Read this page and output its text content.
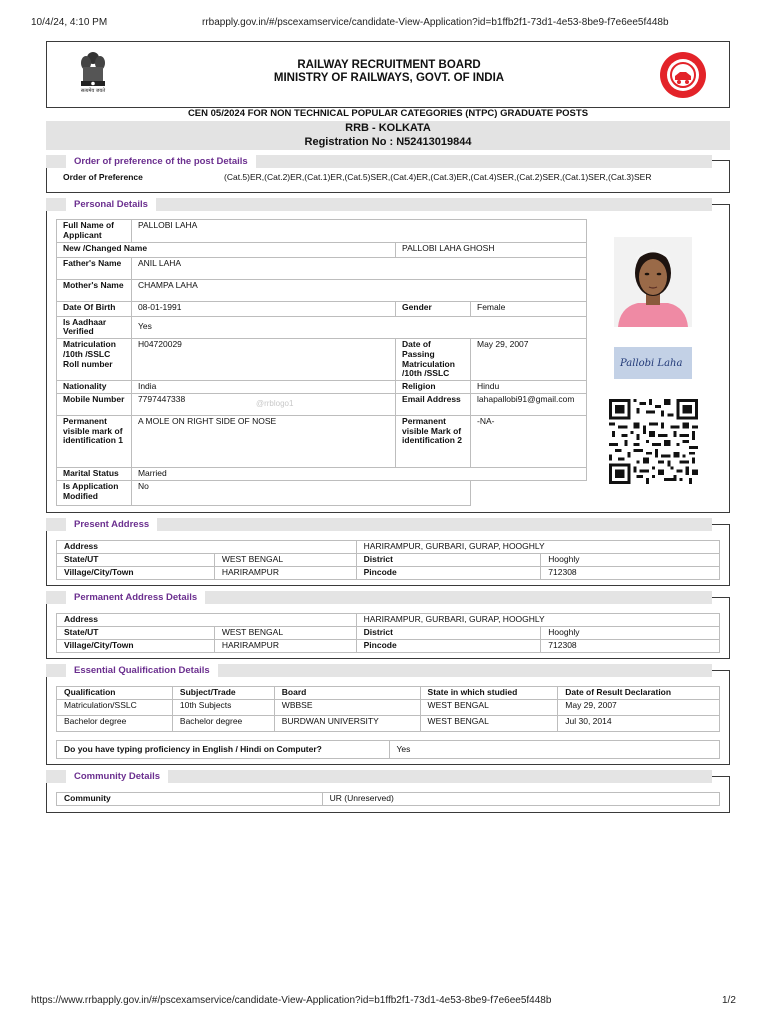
10/4/24, 4:10 PM	rrbapply.gov.in/#/pscexamservice/candidate-View-Application?id=b1ffb2f1-73d1-4e53-8be9-f7e6ee5f448b
सत्यमेव जयते
RAILWAY RECRUITMENT BOARD
MINISTRY OF RAILWAYS, GOVT. OF INDIA
CEN 05/2024 FOR NON TECHNICAL POPULAR CATEGORIES (NTPC) GRADUATE POSTS
RRB - KOLKATA
Registration No : N52413019844
Order of preference of the post Details
Order of Preference	(Cat.5)ER,(Cat.2)ER,(Cat.1)ER,(Cat.5)SER,(Cat.4)ER,(Cat.3)ER,(Cat.4)SER,(Cat.2)SER,(Cat.1)SER,(Cat.3)SER
Personal Details
Full Name of Applicant	PALLOBI LAHA		
New /Changed Name		PALLOBI LAHA GHOSH	
Father's Name	ANIL LAHA		
Mother's Name	CHAMPA LAHA		
Date Of Birth	08-01-1991	Gender	Female
Is Aadhaar Verified	Yes		
Matriculation /10th /SSLC Roll number	H04720029	Date of Passing Matriculation /10th /SSLC	May 29, 2007
Nationality	India	Religion	Hindu
Mobile Number	7797447338 @rrblogo1	Email Address	lahapallobi91@gmail.com
Permanent visible mark of identification 1	A MOLE ON RIGHT SIDE OF NOSE	Permanent visible Mark of identification 2	-NA-
Marital Status	Married		
Is Application Modified	No		
Pallobi Laha
Present Address
Address		HARIRAMPUR, GURBARI, GURAP, HOOGHLY	
State/UT	WEST BENGAL	District	Hooghly
Village/City/Town	HARIRAMPUR	Pincode	712308
Permanent Address Details
Address		HARIRAMPUR, GURBARI, GURAP, HOOGHLY	
State/UT	WEST BENGAL	District	Hooghly
Village/City/Town	HARIRAMPUR	Pincode	712308
Essential Qualification Details
Qualification	Subject/Trade	Board	State in which studied	Date of Result Declaration
Matriculation/SSLC	10th Subjects	WBBSE	WEST BENGAL	May 29, 2007
Bachelor degree	Bachelor degree	BURDWAN UNIVERSITY	WEST BENGAL	Jul 30, 2014
Do you have typing proficiency in English / Hindi on Computer?	Yes
Community Details
Community	UR (Unreserved)
https://www.rrbapply.gov.in/#/pscexamservice/candidate-View-Application?id=b1ffb2f1-73d1-4e53-8be9-f7e6ee5f448b	1/2
